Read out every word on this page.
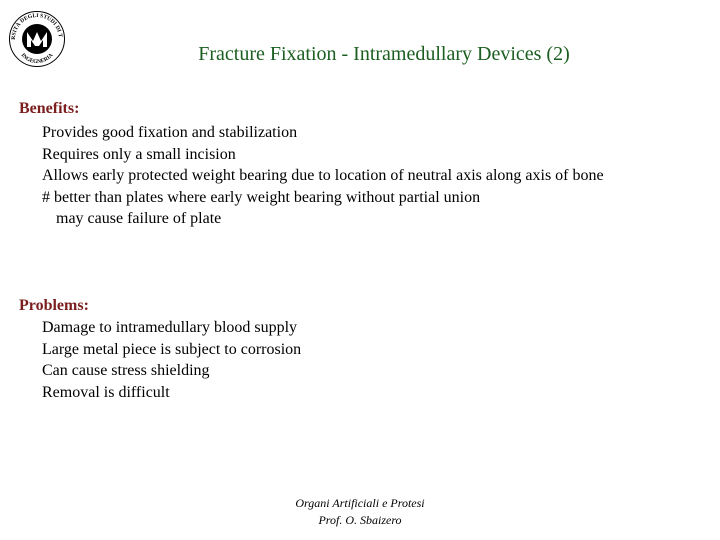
RSITÀ DEGLI STUDI DI T
INGEGNERIA	Fracture Fixation - Intramedullary Devices (2)
Benefits:
Provides good fixation and stabilization
Requires only a small incision
Allows early protected weight bearing due to location of neutral axis along axis of bone
# better than plates where early weight bearing without partial union
may cause failure of plate
Problems:
Damage to intramedullary blood supply
Large metal piece is subject to corrosion
Can cause stress shielding
Removal is difficult
Organi Artificiali e Protesi
Prof. O. Sbaizero
